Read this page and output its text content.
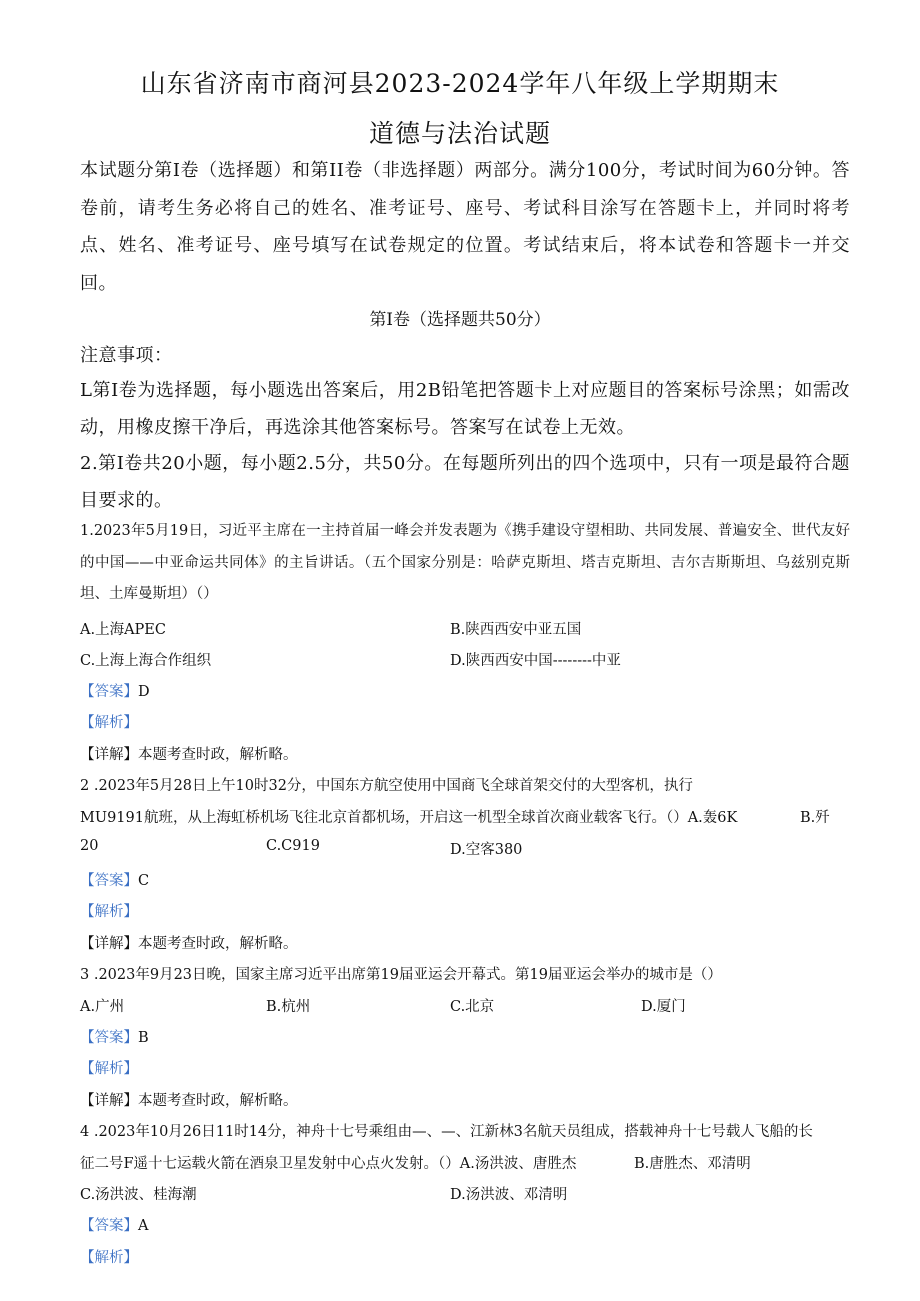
山东省济南市商河县2023-2024学年八年级上学期期末
道德与法治试题
本试题分第Ⅰ卷（选择题）和第II卷（非选择题）两部分。满分100分，考试时间为60分钟。答卷前，请考生务必将自己的姓名、准考证号、座号、考试科目涂写在答题卡上，并同时将考点、姓名、准考证号、座号填写在试卷规定的位置。考试结束后，将本试卷和答题卡一并交回。
第Ⅰ卷（选择题共50分）
注意事项：
L第Ⅰ卷为选择题，每小题选出答案后，用2B铅笔把答题卡上对应题目的答案标号涂黑；如需改动，用橡皮擦干净后，再选涂其他答案标号。答案写在试卷上无效。
2.第Ⅰ卷共20小题，每小题2.5分，共50分。在每题所列出的四个选项中，只有一项是最符合题目要求的。
1.2023年5月19日，习近平主席在一主持首届一峰会并发表题为《携手建设守望相助、共同发展、普遍安全、世代友好的中国——中亚命运共同体》的主旨讲话。（五个国家分别是：哈萨克斯坦、塔吉克斯坦、吉尔吉斯斯坦、乌兹别克斯坦、土库曼斯坦）（）
A.上海APEC	B.陕西西安中亚五国
C.上海上海合作组织	D.陕西西安中国--------中亚
【答案】D
【解析】
【详解】本题考查时政，解析略。
2 .2023年5月28日上午10时32分，中国东方航空使用中国商飞全球首架交付的大型客机，执行
MU9191航班，从上海虹桥机场飞往北京首都机场，开启这一机型全球首次商业载客飞行。（）A.轰6K	B.歼
20	C.C919	D.空客380
【答案】C
【解析】
【详解】本题考查时政，解析略。
3 .2023年9月23日晚，国家主席习近平出席第19届亚运会开幕式。第19届亚运会举办的城市是（）
A.广州	B.杭州	C.北京	D.厦门
【答案】B
【解析】
【详解】本题考查时政，解析略。
4 .2023年10月26日11时14分，神舟十七号乘组由—、—、江新林3名航天员组成，搭载神舟十七号载人飞船的长
征二号F遥十七运载火箭在酒泉卫星发射中心点火发射。（）A.汤洪波、唐胜杰	B.唐胜杰、邓清明
C.汤洪波、桂海潮	D.汤洪波、邓清明
【答案】A
【解析】
